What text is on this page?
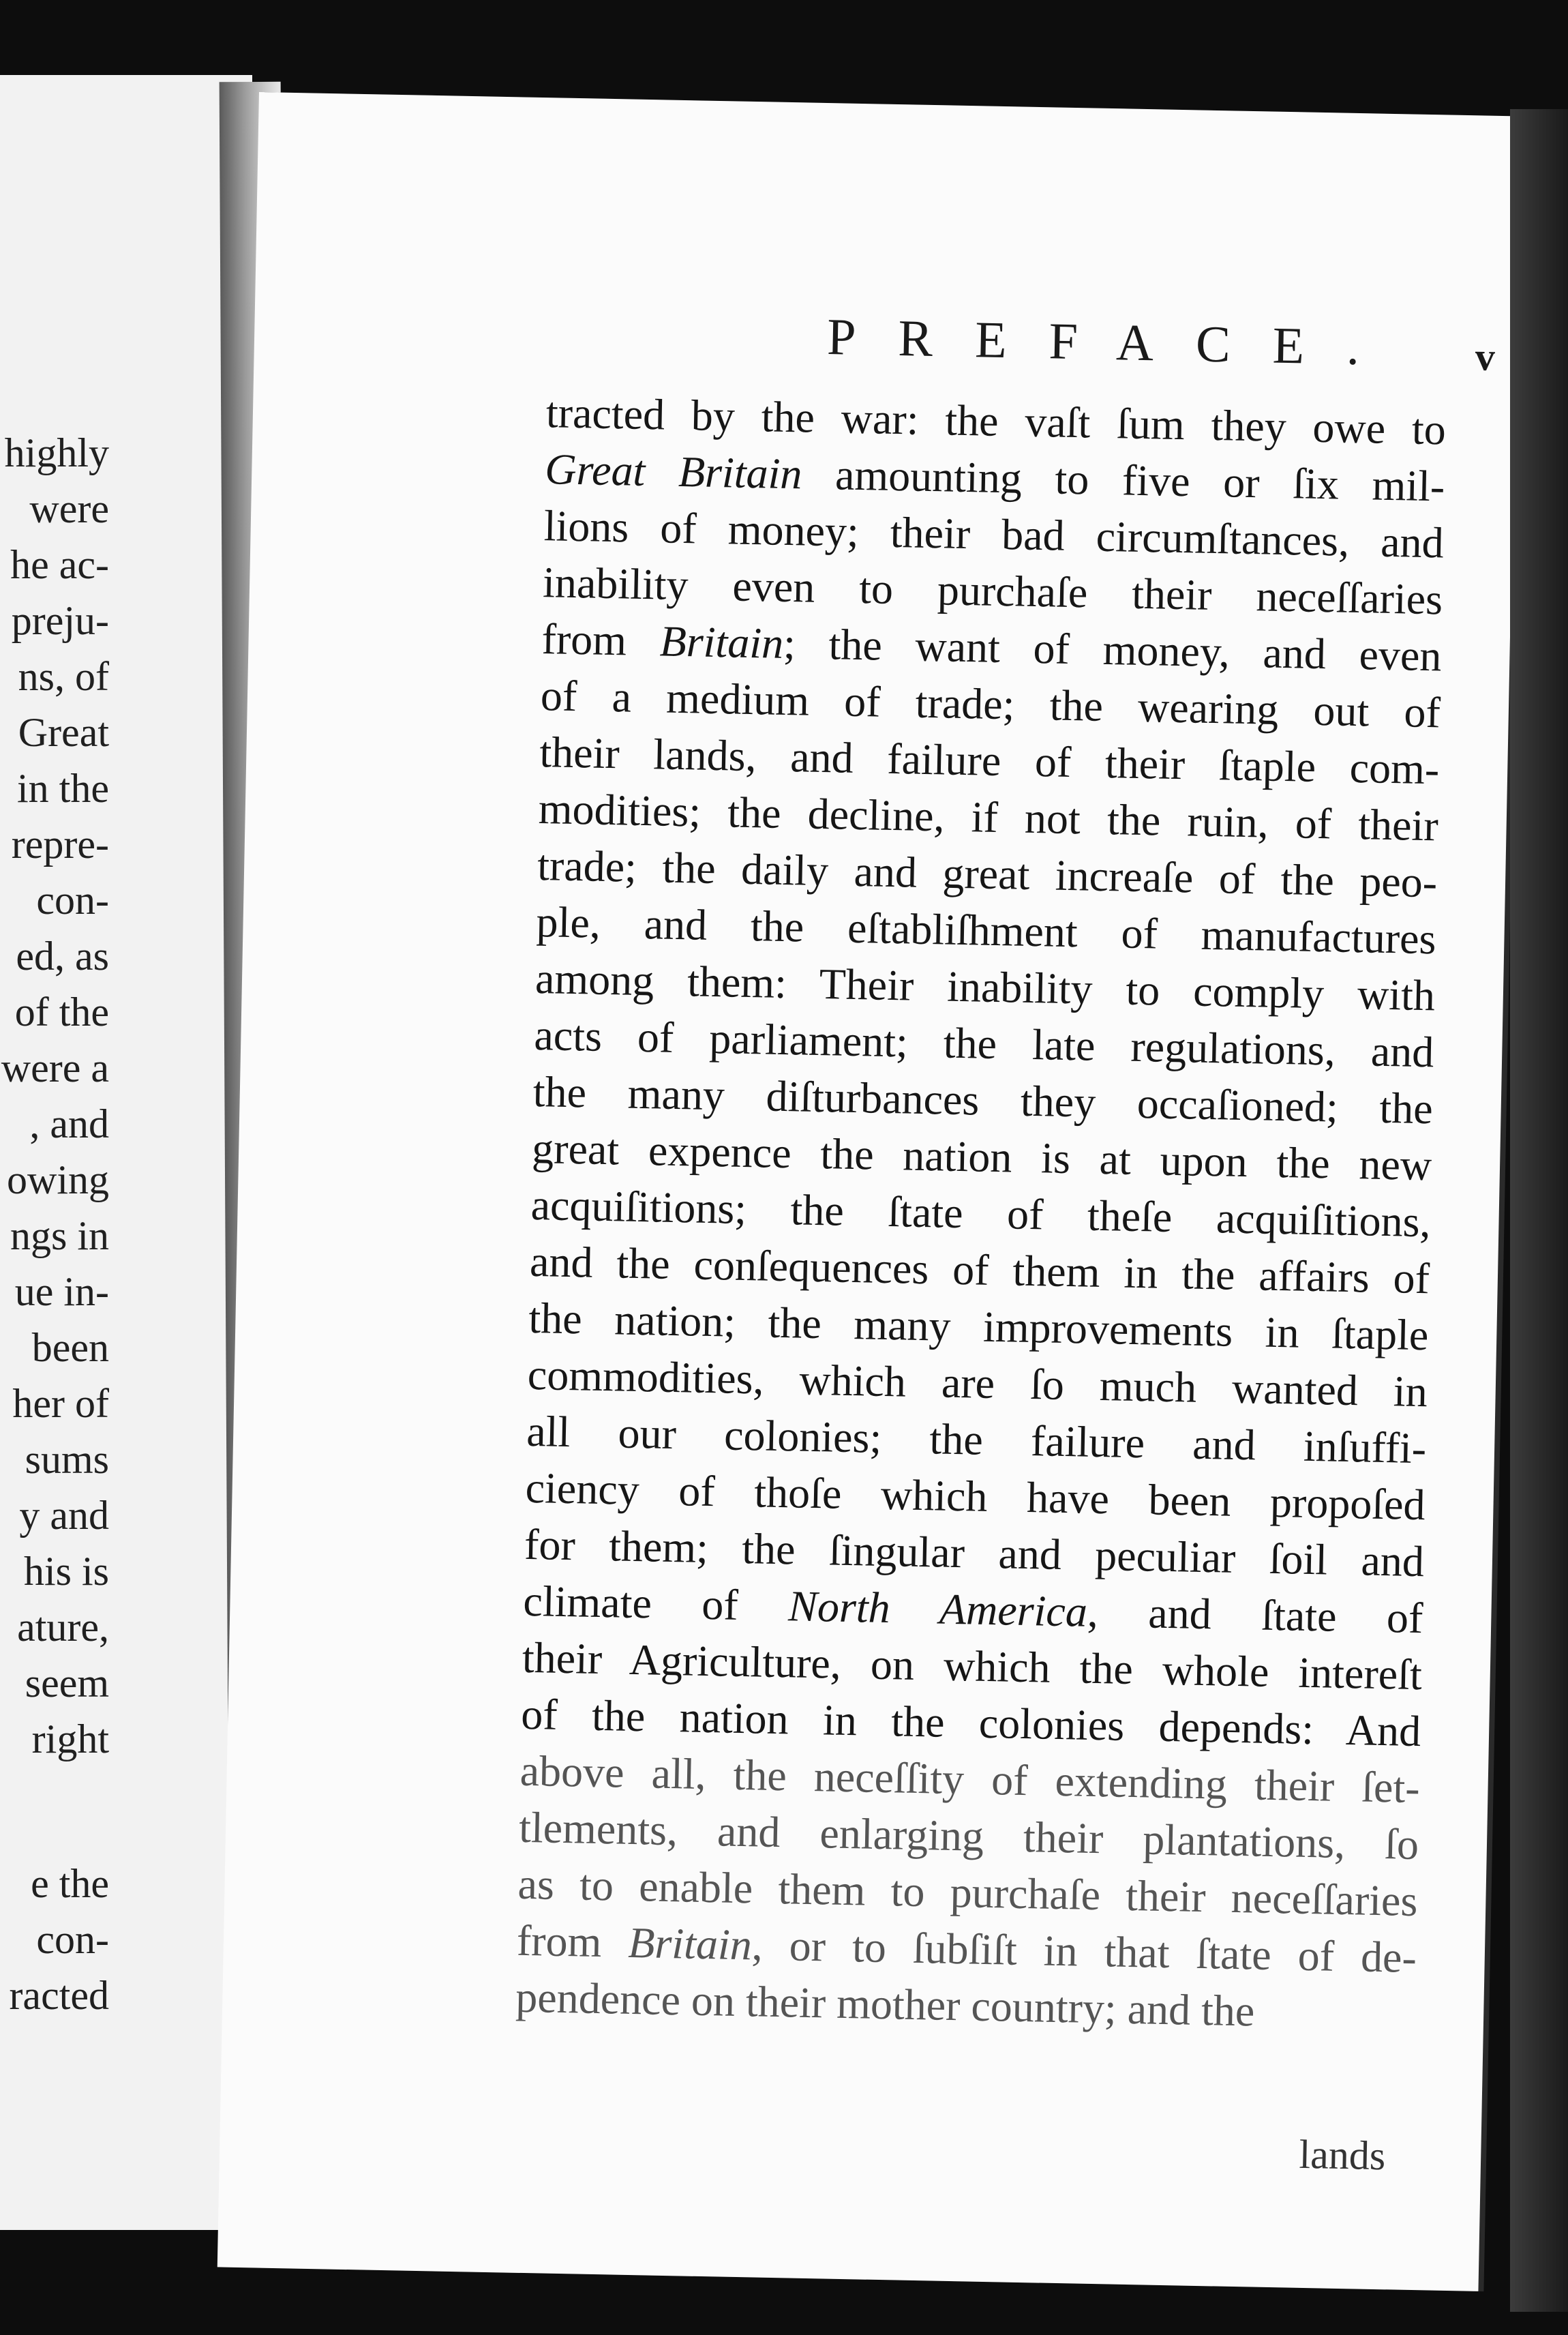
highly
were
he ac-
preju-
ns, of
Great
in the
repre-
con-
ed, as
of the
were a
, and
owing
ngs in
ue in-
been
her of
sums
y and
his is
ature,
seem
right
e the
con-
racted
PREFACE. v
tracted by the war: the vaſt ſum they owe to
Great Britain amounting to five or ſix mil-
lions of money; their bad circumſtances, and
inability even to purchaſe their neceſſaries
from Britain; the want of money, and even
of a medium of trade; the wearing out of
their lands, and failure of their ſtaple com-
modities; the decline, if not the ruin, of their
trade; the daily and great increaſe of the peo-
ple, and the eſtabliſhment of manufactures
among them: Their inability to comply with
acts of parliament; the late regulations, and
the many diſturbances they occaſioned; the
great expence the nation is at upon the new
acquiſitions; the ſtate of theſe acquiſitions,
and the conſequences of them in the affairs of
the nation; the many improvements in ſtaple
commodities, which are ſo much wanted in
all our colonies; the failure and inſuffi-
ciency of thoſe which have been propoſed
for them; the ſingular and peculiar ſoil and
climate of North America, and ſtate of
their Agriculture, on which the whole intereſt
of the nation in the colonies depends: And
above all, the neceſſity of extending their ſet-
tlements, and enlarging their plantations, ſo
as to enable them to purchaſe their neceſſaries
from Britain, or to ſubſiſt in that ſtate of de-
pendence on their mother country; and the
lands
